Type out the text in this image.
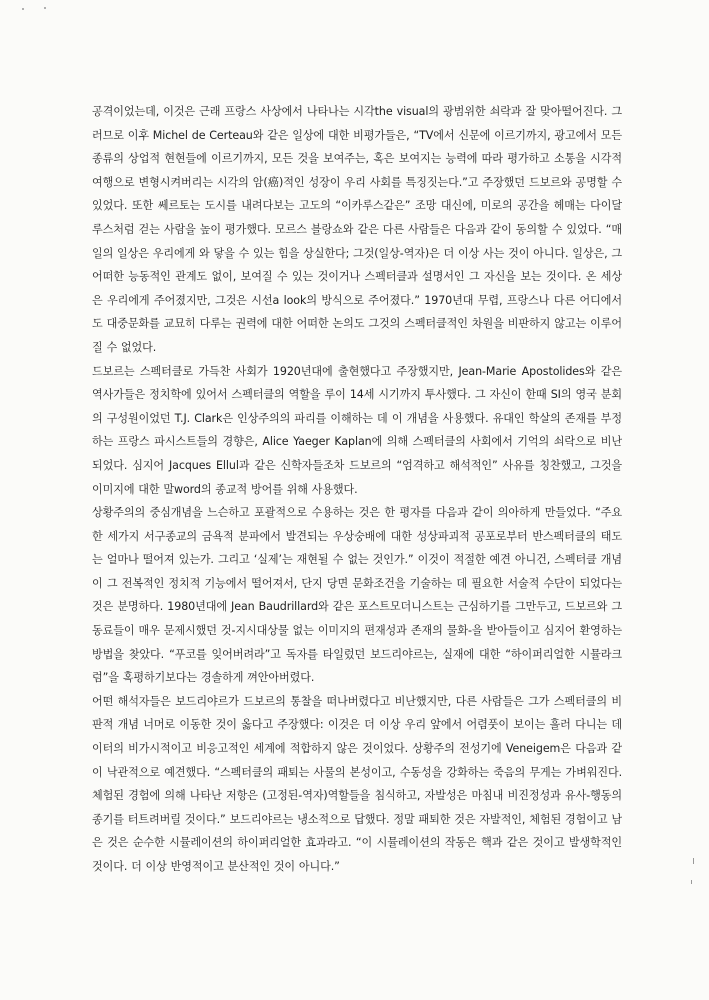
공격이었는데, 이것은 근래 프랑스 사상에서 나타나는 시각the visual의 광범위한 쇠락과 잘 맞아떨어진다. 그러므로 이후 Michel de Certeau와 같은 일상에 대한 비평가들은, “TV에서 신문에 이르기까지, 광고에서 모든 종류의 상업적 현현들에 이르기까지, 모든 것을 보여주는, 혹은 보여지는 능력에 따라 평가하고 소통을 시각적 여행으로 변형시켜버리는 시각의 암(癌)적인 성장이 우리 사회를 특징짓는다.”고 주장했던 드보르와 공명할 수 있었다. 또한 쎄르토는 도시를 내려다보는 고도의 “이카루스같은” 조망 대신에, 미로의 공간을 헤매는 다이달루스처럼 걷는 사람을 높이 평가했다. 모르스 블랑쇼와 같은 다른 사람들은 다음과 같이 동의할 수 있었다. “매일의 일상은 우리에게 와 닿을 수 있는 힘을 상실한다; 그것(일상-역자)은 더 이상 사는 것이 아니다. 일상은, 그 어떠한 능동적인 관계도 없이, 보여질 수 있는 것이거나 스펙터클과 설명서인 그 자신을 보는 것이다. 온 세상은 우리에게 주어졌지만, 그것은 시선a look의 방식으로 주어졌다.” 1970년대 무렵, 프랑스나 다른 어디에서도 대중문화를 교묘히 다루는 권력에 대한 어떠한 논의도 그것의 스펙터클적인 차원을 비판하지 않고는 이루어질 수 없었다.

드보르는 스펙터클로 가득찬 사회가 1920년대에 출현했다고 주장했지만, Jean-Marie Apostolides와 같은 역사가들은 정치학에 있어서 스펙터클의 역할을 루이 14세 시기까지 투사했다. 그 자신이 한때 SI의 영국 분회의 구성원이었던 T.J. Clark은 인상주의의 파리를 이해하는 데 이 개념을 사용했다. 유대인 학살의 존재를 부정하는 프랑스 파시스트들의 경향은, Alice Yaeger Kaplan에 의해 스펙터클의 사회에서 기억의 쇠락으로 비난되었다. 심지어 Jacques Ellul과 같은 신학자들조차 드보르의 “엄격하고 해석적인” 사유를 칭찬했고, 그것을 이미지에 대한 말word의 종교적 방어를 위해 사용했다.

상황주의의 중심개념을 느슨하고 포괄적으로 수용하는 것은 한 평자를 다음과 같이 의아하게 만들었다. “주요한 세가지 서구종교의 금욕적 분파에서 발견되는 우상숭배에 대한 성상파괴적 공포로부터 반스펙터클의 태도는 얼마나 떨어져 있는가. 그리고 ‘실제’는 재현될 수 없는 것인가.” 이것이 적절한 예견 아니건, 스펙터클 개념이 그 전복적인 정치적 기능에서 떨어져서, 단지 당면 문화조건을 기술하는 데 필요한 서술적 수단이 되었다는 것은 분명하다. 1980년대에 Jean Baudrillard와 같은 포스트모더니스트는 근심하기를 그만두고, 드보르와 그 동료들이 매우 문제시했던 것-지시대상물 없는 이미지의 편재성과 존재의 물화-을 받아들이고 심지어 환영하는 방법을 찾았다. “푸코를 잊어버려라”고 독자를 타일렀던 보드리야르는, 실재에 대한 “하이퍼리얼한 시뮬라크럼”을 혹평하기보다는 경솔하게 껴안아버렸다.

어떤 해석자들은 보드리야르가 드보르의 통찰을 떠나버렸다고 비난했지만, 다른 사람들은 그가 스펙터클의 비판적 개념 너머로 이동한 것이 옳다고 주장했다: 이것은 더 이상 우리 앞에서 어렴풋이 보이는 흘러 다니는 데이터의 비가시적이고 비응고적인 세계에 적합하지 않은 것이었다. 상황주의 전성기에 Veneigem은 다음과 같이 낙관적으로 예견했다. “스펙터클의 패퇴는 사물의 본성이고, 수동성을 강화하는 죽음의 무게는 가벼워진다. 체험된 경험에 의해 나타난 저항은 (고정된-역자)역할들을 침식하고, 자발성은 마침내 비진정성과 유사-행동의 종기를 터트려버릴 것이다.” 보드리야르는 냉소적으로 답했다. 정말 패퇴한 것은 자발적인, 체험된 경험이고 남은 것은 순수한 시뮬레이션의 하이퍼리얼한 효과라고. “이 시뮬레이션의 작동은 핵과 같은 것이고 발생학적인 것이다. 더 이상 반영적이고 분산적인 것이 아니다.”
